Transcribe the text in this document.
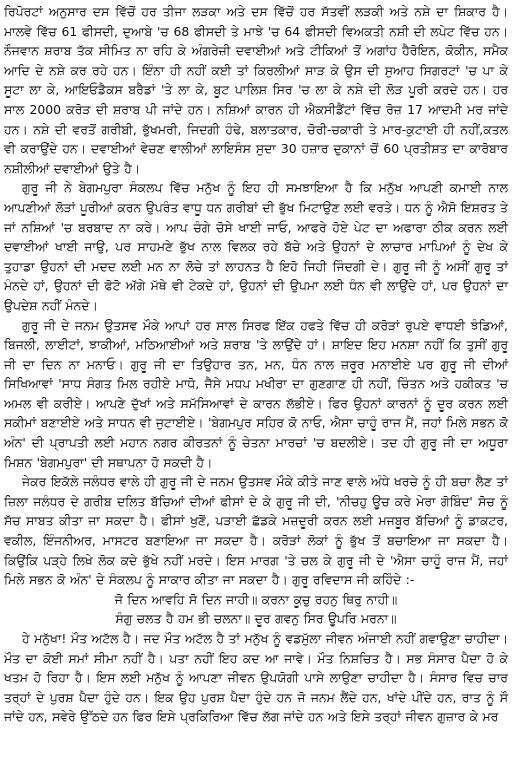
ਰਿਪੋਰਟਾਂ ਅਨੁਸਾਰ ਦਸ ਵਿੱਚੋਂ ਹਰ ਤੀਜਾ ਲੜਕਾ ਅਤੇ ਦਸ ਵਿੱਚੋਂ ਹਰ ਸੱਤਵੀਂ ਲੜਕੀ ਅਤੇ ਨਸ਼ੇ ਦਾ ਸ਼ਿਕਾਰ ਹੈ। ਮਾਲਵੇ ਵਿੱਚ 61 ਫੀਸਦੀ, ਦੁਆਬੇ 'ਚ 68 ਫੀਸਦੀ ਤੇ ਮਾਝੇ 'ਚ 64 ਫੀਸਦੀ ਵਿਅਕਤੀ ਨਸ਼ੀ ਦੀ ਲਪੇਟ ਵਿੱਚ ਹਨ। ਨੌਜਵਾਨ ਸ਼ਰਾਬ ਤੱਕ ਸੀਮਿਤ ਨਾ ਰਹਿ ਕੇ ਅੰਗਰੇਜ਼ੀ ਦਵਾਈਆਂ ਅਤੇ ਟੀਕਿਆਂ ਤੋਂ ਅਗਾਂਹ ਹੈਰੋਇਨ, ਕੋਕੀਨ, ਸਮੈਕ ਆਦਿ ਦੇ ਨਸ਼ੇ ਕਰ ਰਹੇ ਹਨ। ਇੰਨਾ ਹੀ ਨਹੀਂ ਕਈ ਤਾਂ ਕਿਰਲੀਆਂ ਸਾੜ ਕੇ ਉਸ ਦੀ ਸੁਆਹ ਸਿਗਰਟਾਂ 'ਚ ਪਾ ਕੇ ਸੂਟਾ ਲਾ ਕੇ, ਆਇਓਡੈਕਸ ਬਰੈਡਾਂ 'ਤੇ ਲਾ ਕੇ, ਬੂਟ ਪਾਲਿਸ਼ ਸਿਰ 'ਚ ਲਾ ਕੇ ਨਸ਼ੇ ਦੀ ਲੋੜ ਪੂਰੀ ਕਰਦੇ ਹਨ। ਹਰ ਸਾਲ 2000 ਕਰੋੜ ਦੀ ਸ਼ਰਾਬ ਪੀ ਜਾਂਦੇ ਹਨ। ਨਸ਼ਿਆਂ ਕਾਰਨ ਹੀ ਐਕਸੀਡੈਂਟਾਂ ਵਿੱਚ ਰੋਜ਼ 17 ਆਦਮੀ ਮਰ ਜਾਂਦੇ ਹਨ। ਨਸ਼ੇ ਦੀ ਵਰਤੋਂ ਗਰੀਬੀ, ਭੁੱਖਮਰੀ, ਜਿਦਗੀ ਹੰਢੇ, ਬਲਾਤਕਾਰ, ਚੋਰੀ-ਚਕਾਰੀ ਤੇ ਮਾਰ-ਕੁਟਾਈ ਹੀ ਨਹੀਂ,ਕਤਲ ਵੀ ਕਰਾਉਂਦੇ ਹਨ। ਦਵਾਈਆਂ ਵੇਚਣ ਵਾਲੀਆਂ ਲਾਇਸੰਸ ਸੁਦਾ 30 ਹਜ਼ਾਰ ਦੁਕਾਨਾਂ ਚੋਂ 60 ਪ੍ਰਤੀਸ਼ਤ ਦਾ ਕਾਰੋਬਾਰ ਨਸ਼ੀਲੀਆਂ ਦਵਾਈਆਂ ਉਤੇ ਹੈ।

ਗੁਰੂ ਜੀ ਨੇ ਬੇਗਮਪੁਰਾ ਸੰਕਲਪ ਵਿੱਚ ਮਨੁੱਖ ਨੂੰ ਇਹ ਹੀ ਸਮਝਾਇਆ ਹੈ ਕਿ ਮਨੁੱਖ ਆਪਣੀ ਕਮਾਈ ਨਾਲ ਆਪਣੀਆਂ ਲੋੜਾਂ ਪੂਰੀਆਂ ਕਰਨ ਉਪਰੰਤ ਵਾਧੂ ਧਨ ਗਰੀਬਾਂ ਦੀ ਭੁੱਖ ਮਿਟਾਉਣ ਲਈ ਵਰਤੇ। ਧਨ ਨੂੰ ਐਸੋ ਇਸ਼ਰਤ ਤੇ ਜਾਂ ਨਸ਼ਿਆਂ 'ਚ ਬਰਬਾਦ ਨਾ ਕਰੇ। ਆਪ ਚੰਗੇ ਚੋਸੇ ਖਾਈ ਜਾਓ, ਆਫਰੇ ਹੋਏ ਪੇਟ ਦਾ ਅਫਾਰਾ ਠੀਕ ਕਰਨ ਲਈ ਦਵਾਈਆਂ ਖਾਈ ਜਾਉ, ਪਰ ਸਾਹਮਣੇ ਭੁੱਖ ਨਾਲ ਵਿਲਕ ਰਹੇ ਬੱਚੇ ਅਤੇ ਉਹਨਾਂ ਦੇ ਲਾਚਾਰ ਮਾਪਿਆਂ ਨੂੰ ਦੇਖ ਕੇ ਤੁਹਾਡਾ ਉਹਨਾਂ ਦੀ ਮਦਦ ਲਈ ਮਨ ਨਾ ਲੋਚੇ ਤਾਂ ਲਾਹਨਤ ਹੈ ਇਹੋ ਜਿਹੀ ਜਿੰਦਗੀ ਦੇ। ਗੁਰੂ ਜੀ ਨੂੰ ਅਸੀਂ ਗੁਰੂ ਤਾਂ ਮੰਨਦੇ ਹਾਂ, ਉਹਨਾਂ ਦੀ ਫੋਟੋ ਅੱਗੇ ਮੱਥੇ ਵੀ ਟੇਕਦੇ ਹਾਂ, ਉਹਨਾਂ ਦੀ ਉਪਮਾ ਲਈ ਧੰਨ ਵੀ ਲਾਉਂਦੇ ਹਾਂ, ਪਰ ਉਹਨਾਂ ਦਾ ਉਪਦੇਸ਼ ਨਹੀਂ ਮੰਨਦੇ।

ਗੁਰੂ ਜੀ ਦੇ ਜਨਮ ਉਤਸਵ ਮੌਕੇ ਆਪਾਂ ਹਰ ਸਾਲ ਸਿਰਫ ਇੱਕ ਹਫਤੇ ਵਿੱਚ ਹੀ ਕਰੋੜਾਂ ਰੁਪਏ ਵਾਧਈ ਝੰਡਿਆਂ, ਬਿਜਲੀ, ਲਾਈਟਾਂ, ਝਾਕੀਆਂ, ਮਠਿਆਈਆਂ ਅਤੇ ਸ਼ਰਾਬ 'ਤੇ ਲਾਉਂਦੇ ਹਾਂ। ਸ਼ਾਇਦ ਇਹ ਮਨਸ਼ਾ ਨਹੀਂ ਕਿ ਤੁਸੀਂ ਗੁਰੂ ਜੀ ਦਾ ਦਿਨ ਨਾ ਮਨਾਓ। ਗੁਰੂ ਜੀ ਦਾ ਤਿਉਹਾਰ ਤਨ, ਮਨ, ਧੰਨ ਨਾਲ ਜ਼ਰੂਰ ਮਨਾਈਏ ਪਰ ਗੁਰੂ ਜੀ ਦੀਆਂ ਸਿਖਿਆਵਾਂ 'ਸਾਧ ਸੰਗਤ ਮਿਲ ਰਹੀਏ ਮਾਧੋ, ਜੈਸੇ ਮਧਪ ਮਖੀਰਾ ਦਾ ਗੁਣਗਾਣ ਹੀ ਨਹੀਂ, ਚਿੰਤਨ ਅਤੇ ਹਕੀਕਤ 'ਚ ਅਮਲ ਵੀ ਕਰੀਏ। ਆਪਣੇ ਦੁੱਖਾਂ ਅਤੇ ਸਮੱਸਿਆਵਾਂ ਦੇ ਕਾਰਨ ਲੱਭੀਏ। ਫਿਰ ਉਹਨਾਂ ਕਾਰਨਾਂ ਨੂੰ ਦੂਰ ਕਰਨ ਲਈ ਸਕੀਮਾਂ ਬਣਾਈਏ ਅਤੇ ਸਾਧਨ ਵੀ ਜੁਟਾਈਏ। 'ਬੇਗਮਪੁਰ ਸਹਿਰ ਕੋ ਨਾਓ, ਐਸਾ ਚਾਹੂੰ ਰਾਜ ਮੈਂ, ਜਹਾਂ ਮਿਲੇ ਸਭਨ ਕੋ ਅੰਨ' ਦੀ ਪ੍ਰਾਪਤੀ ਲਈ ਮਹਾਨ ਨਗਰ ਕੀਰਤਨਾਂ ਨੂੰ ਚੇਤਨਾ ਮਾਰਚਾਂ 'ਚ ਬਦਲੀਏ। ਤਦ ਹੀ ਗੁਰੂ ਜੀ ਦਾ ਅਧੂਰਾ ਮਿਸ਼ਨ 'ਬੇਗਮਪੁਰਾ' ਦੀ ਸਥਾਪਨਾ ਹੋ ਸਕਦੀ ਹੈ।

ਜੇਕਰ ਇਕੱਲੇ ਜਲੰਧਰ ਵਾਲੇ ਹੀ ਗੁਰੂ ਜੀ ਦੇ ਜਨਮ ਉਤਸਵ ਮੌਕੇ ਕੀਤੇ ਜਾਣ ਵਾਲੇ ਅੰਧੇ ਖਰਚੇ ਨੂੰ ਹੀ ਬਚਾ ਲੈਣ ਤਾਂ ਜ਼ਿਲਾ ਜਲੰਧਰ ਦੇ ਗਰੀਬ ਦਲਿਤ ਬੱਚਿਆਂ ਦੀਆਂ ਫੀਸਾਂ ਦੇ ਕੇ ਗੁਰੂ ਜੀ ਦੀ, 'ਨੀਚਹੁ ਊਚ ਕਰੇ ਮੇਰਾ ਗੋਬਿੰਦ' ਸੋਚ ਨੂੰ ਸੱਚ ਸਾਬਤ ਕੀਤਾ ਜਾ ਸਕਦਾ ਹੈ। ਫੀਸਾਂ ਖੁਣੋਂ, ਪੜਾਈ ਛੱਡਕੇ ਮਜ਼ਦੂਰੀ ਕਰਨ ਲਈ ਮਜਬੂਰ ਬੱਚਿਆਂ ਨੂੰ ਡਾਕਟਰ, ਵਕੀਲ, ਇੰਜਨੀਅਰ, ਮਾਸਟਰ ਬਣਾਇਆ ਜਾ ਸਕਦਾ ਹੈ। ਕਰੋੜਾਂ ਲੋਕਾਂ ਨੂੰ ਭੁੱਖ ਤੋਂ ਬਚਾਇਆ ਜਾ ਸਕਦਾ ਹੈ। ਕਿਉਂਕਿ ਪੜ੍ਹੇ ਲਿਖੇ ਲੋਕ ਕਦੇ ਭੁੱਖੇ ਨਹੀਂ ਮਰਦੇ। ਇਸ ਮਾਰਗ 'ਤੇ ਚਲ ਕੇ ਗੁਰੂ ਜੀ ਦੇ 'ਐਸਾ ਚਾਹੂੰ ਰਾਜ ਮੈਂ, ਜਹਾਂ ਮਿਲੇ ਸਭਨ ਕੋ ਅੰਨ' ਦੇ ਸੰਕਲਪ ਨੂੰ ਸਾਕਾਰ ਕੀਤਾ ਜਾ ਸਕਦਾ ਹੈ। ਗੁਰੂ ਰਵਿਦਾਸ ਜੀ ਕਹਿੰਦੇ :-

ਜੋ ਦਿਨ ਆਵਹਿ ਸੋ ਦਿਨ ਜਾਹੀ॥ ਕਰਨਾ ਕੂਚੁ ਰਹਨੁ ਥਿਰੁ ਨਾਹੀ॥

ਸੰਗੁ ਚਲਤ ਹੈ ਹਮ ਭੀ ਚਲਨਾ॥ ਦੂਰ ਗਵਨੁ ਸਿਰ ਊਪਰਿ ਮਰਨਾ॥

ਹੇ ਮਨੁੱਖਾ! ਮੌਤ ਅਟੱਲ ਹੈ। ਜਦ ਮੌਤ ਅਟੱਲ ਹੈ ਤਾਂ ਮਨੁੱਖ ਨੂੰ ਵਡਮੁੱਲਾ ਜੀਵਨ ਅੰਜਾਈ ਨਹੀਂ ਗਵਾਉਣਾ ਚਾਹੀਦਾ। ਮੌਤ ਦਾ ਕੋਈ ਸਮਾਂ ਸੀਮਾ ਨਹੀਂ ਹੈ। ਪਤਾ ਨਹੀਂ ਇਹ ਕਦ ਆ ਜਾਵੇ। ਮੌਤ ਨਿਸ਼ਚਿਤ ਹੈ। ਸਭ ਸੰਸਾਰ ਪੈਦਾ ਹੋ ਕੇ ਖਤਮ ਹੋ ਰਿਹਾ ਹੈ। ਇਸ ਲਈ ਮਨੁੱਖ ਨੂੰ ਆਪਣਾ ਜੀਵਨ ਉਪਯੋਗੀ ਪਾਸੇ ਲਾਉਣਾ ਚਾਹੀਦਾ ਹੈ। ਸੰਸਾਰ ਵਿਚ ਚਾਰ ਤਰ੍ਹਾਂ ਦੇ ਪੁਰਸ਼ ਪੈਦਾ ਹੁੰਦੇ ਹਨ। ਇਕ ਉਹ ਪੁਰਸ਼ ਪੈਦਾ ਹੁੰਦੇ ਹਨ ਜੋ ਜਨਮ ਲੈਂਦੇ ਹਨ, ਖਾਂਦੇ ਪੀਂਦੇ ਹਨ, ਰਾਤ ਨੂੰ ਸੌ ਜਾਂਦੇ ਹਨ, ਸਵੇਰੇ ਉੱਠਦੇ ਹਨ ਫਿਰ ਇਸੇ ਪ੍ਰਕਿਰਿਆ ਵਿੱਚ ਲੱਗ ਜਾਂਦੇ ਹਨ ਅਤੇ ਇਸੇ ਤਰ੍ਹਾਂ ਜੀਵਨ ਗੁਜ਼ਾਰ ਕੇ ਮਰ
